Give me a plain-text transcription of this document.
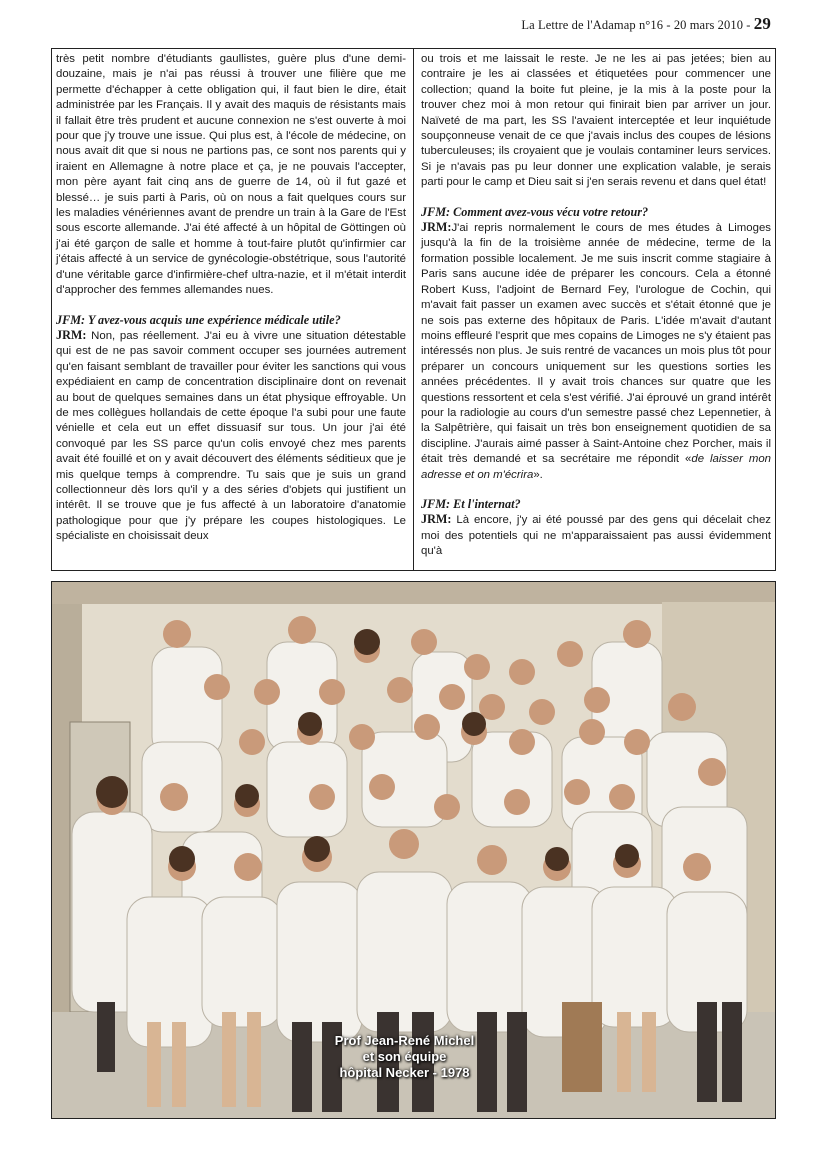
La Lettre de l'Adamap n°16 - 20 mars 2010 - 29

très petit nombre d'étudiants gaullistes, guère plus d'une demi-douzaine, mais je n'ai pas réussi à trouver une filière que me permette d'échapper à cette obligation qui, il faut bien le dire, était administrée par les Français. Il y avait des maquis de résistants mais il fallait être très prudent et aucune connexion ne s'est ouverte à moi pour que j'y trouve une issue. Qui plus est, à l'école de médecine, on nous avait dit que si nous ne partions pas, ce sont nos parents qui y iraient en Allemagne à notre place et ça, je ne pouvais l'accepter, mon père ayant fait cinq ans de guerre de 14, où il fut gazé et blessé… je suis parti à Paris, où on nous a fait quelques cours sur les maladies vénériennes avant de prendre un train à la Gare de l'Est sous escorte allemande. J'ai été affecté à un hôpital de Göttingen où j'ai été garçon de salle et homme à tout-faire plutôt qu'infirmier car j'étais affecté à un service de gynécologie-obstétrique, sous l'autorité d'une véritable garce d'infirmière-chef ultra-nazie, et il m'était interdit d'approcher des femmes allemandes nues.

JFM: Y avez-vous acquis une expérience médicale utile?

JRM: Non, pas réellement. J'ai eu à vivre une situation détestable qui est de ne pas savoir comment occuper ses journées autrement qu'en faisant semblant de travailler pour éviter les sanctions qui vous expédiaient en camp de concentration disciplinaire dont on revenait au bout de quelques semaines dans un état physique effroyable. Un de mes collègues hollandais de cette époque l'a subi pour une faute vénielle et cela eut un effet dissuasif sur tous. Un jour j'ai été convoqué par les SS parce qu'un colis envoyé chez mes parents avait été fouillé et on y avait découvert des éléments séditieux que je mis quelque temps à comprendre. Tu sais que je suis un grand collectionneur dès lors qu'il y a des séries d'objets qui justifient un intérêt. Il se trouve que je fus affecté à un laboratoire d'anatomie pathologique pour que j'y prépare les coupes histologiques. Le spécialiste en choisissait deux

ou trois et me laissait le reste. Je ne les ai pas jetées; bien au contraire je les ai classées et étiquetées pour commencer une collection; quand la boite fut pleine, je la mis à la poste pour la trouver chez moi à mon retour qui finirait bien par arriver un jour. Naïveté de ma part, les SS l'avaient interceptée et leur inquiétude soupçonneuse venait de ce que j'avais inclus des coupes de lésions tuberculeuses; ils croyaient que je voulais contaminer leurs services. Si je n'avais pas pu leur donner une explication valable, je serais parti pour le camp et Dieu sait si j'en serais revenu et dans quel état!

JFM: Comment avez-vous vécu votre retour?

JRM:J'ai repris normalement le cours de mes études à Limoges jusqu'à la fin de la troisième année de médecine, terme de la formation possible localement. Je me suis inscrit comme stagiaire à Paris sans aucune idée de préparer les concours. Cela a étonné Robert Kuss, l'adjoint de Bernard Fey, l'urologue de Cochin, qui m'avait fait passer un examen avec succès et s'était étonné que je ne sois pas externe des hôpitaux de Paris. L'idée m'avait d'autant moins effleuré l'esprit que mes copains de Limoges ne s'y étaient pas intéressés non plus. Je suis rentré de vacances un mois plus tôt pour préparer un concours uniquement sur les questions sorties les années précédentes. Il y avait trois chances sur quatre que les questions ressortent et cela s'est vérifié. J'ai éprouvé un grand intérêt pour la radiologie au cours d'un semestre passé chez Lepennetier, à la Salpêtrière, qui faisait un très bon enseignement quotidien de sa discipline. J'aurais aimé passer à Saint-Antoine chez Porcher, mais il était très demandé et sa secrétaire me répondit «de laisser mon adresse et on m'écrira».

JFM: Et l'internat?

JRM: Là encore, j'y ai été poussé par des gens qui décelait chez moi des potentiels qui ne m'apparaissaient pas aussi évidemment qu'à

Prof Jean-René Michel
et son équipe
hôpital Necker - 1978
